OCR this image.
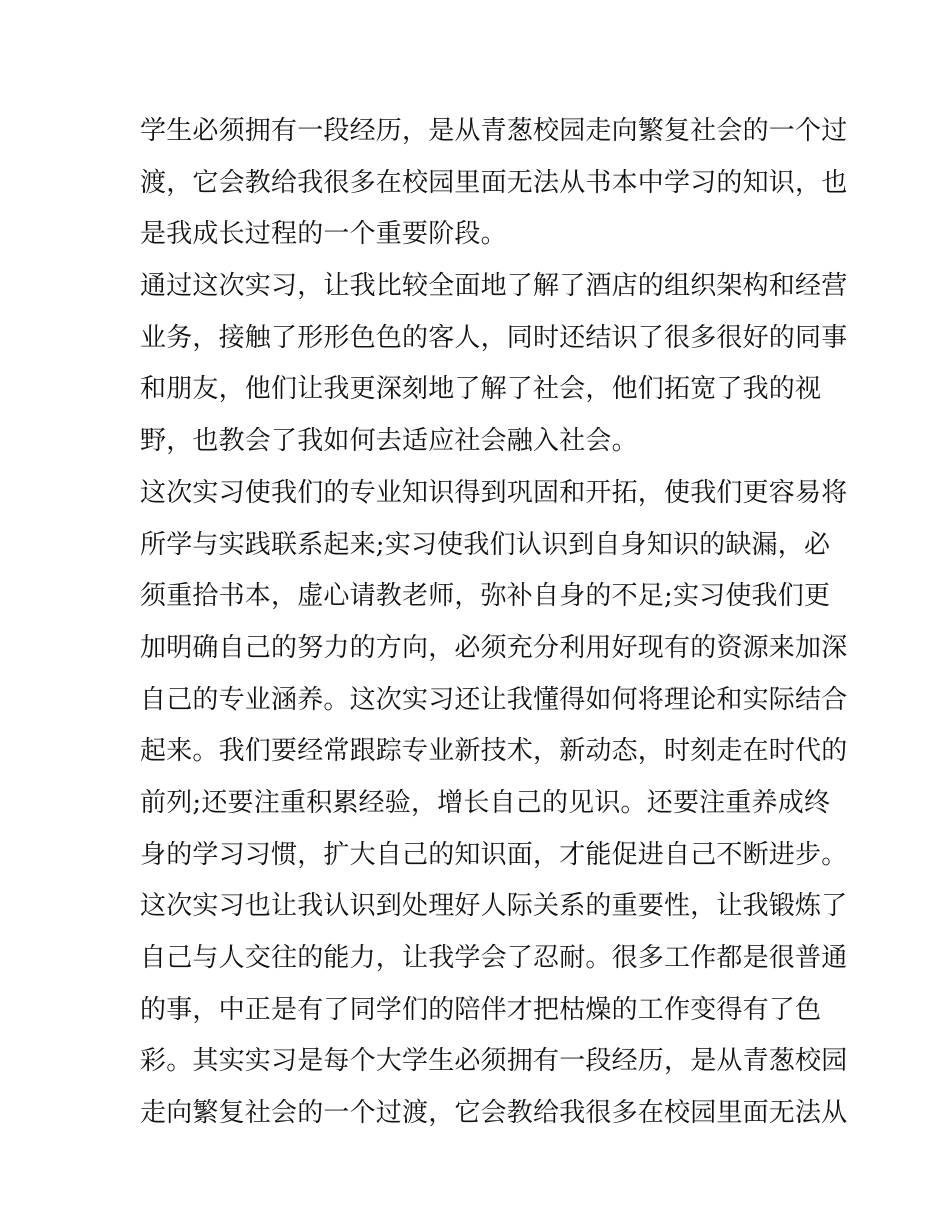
学生必须拥有一段经历，是从青葱校园走向繁复社会的一个过
渡，它会教给我很多在校园里面无法从书本中学习的知识，也
是我成长过程的一个重要阶段。
通过这次实习，让我比较全面地了解了酒店的组织架构和经营
业务，接触了形形色色的客人，同时还结识了很多很好的同事
和朋友，他们让我更深刻地了解了社会，他们拓宽了我的视
野，也教会了我如何去适应社会融入社会。
这次实习使我们的专业知识得到巩固和开拓，使我们更容易将
所学与实践联系起来;实习使我们认识到自身知识的缺漏，必
须重拾书本，虚心请教老师，弥补自身的不足;实习使我们更
加明确自己的努力的方向，必须充分利用好现有的资源来加深
自己的专业涵养。这次实习还让我懂得如何将理论和实际结合
起来。我们要经常跟踪专业新技术，新动态，时刻走在时代的
前列;还要注重积累经验，增长自己的见识。还要注重养成终
身的学习习惯，扩大自己的知识面，才能促进自己不断进步。
这次实习也让我认识到处理好人际关系的重要性，让我锻炼了
自己与人交往的能力，让我学会了忍耐。很多工作都是很普通
的事，中正是有了同学们的陪伴才把枯燥的工作变得有了色
彩。其实实习是每个大学生必须拥有一段经历，是从青葱校园
走向繁复社会的一个过渡，它会教给我很多在校园里面无法从
